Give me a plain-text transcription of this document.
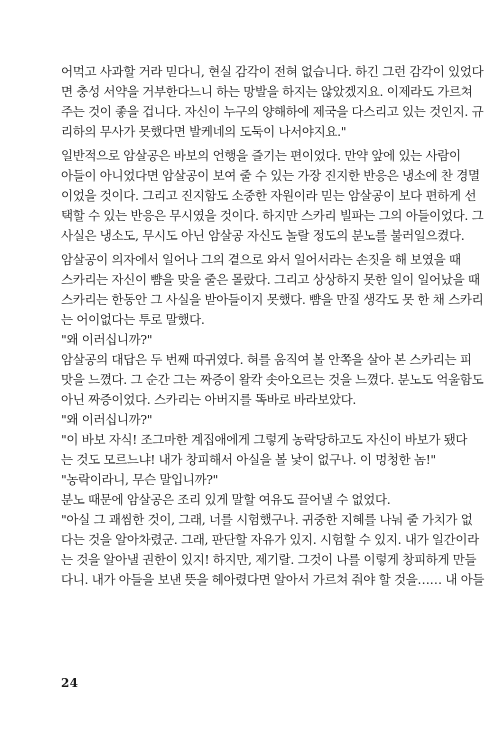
어먹고 사과할 거라 믿다니, 현실 감각이 전혀 없습니다. 하긴 그런 감각이 있었다
면 충성 서약을 거부한다느니 하는 망발을 하지는 않았겠지요. 이제라도 가르쳐
주는 것이 좋을 겁니다. 자신이 누구의 양해하에 제국을 다스리고 있는 것인지. 규
리하의 무사가 못했다면 발케네의 도둑이 나서야지요."
일반적으로 암살공은 바보의 언행을 즐기는 편이었다. 만약 앞에 있는 사람이
아들이 아니었다면 암살공이 보여 줄 수 있는 가장 진지한 반응은 냉소에 찬 경멸
이었을 것이다. 그리고 진지함도 소중한 자원이라 믿는 암살공이 보다 편하게 선
택할 수 있는 반응은 무시였을 것이다. 하지만 스카리 빌파는 그의 아들이었다. 그
사실은 냉소도, 무시도 아닌 암살공 자신도 놀랄 정도의 분노를 불러일으켰다.
암살공이 의자에서 일어나 그의 곁으로 와서 일어서라는 손짓을 해 보였을 때
스카리는 자신이 뺨을 맞을 줄은 몰랐다. 그리고 상상하지 못한 일이 일어났을 때
스카리는 한동안 그 사실을 받아들이지 못했다. 뺨을 만질 생각도 못 한 채 스카리
는 어이없다는 투로 말했다.
"왜 이러십니까?"
암살공의 대답은 두 번째 따귀였다. 혀를 움직여 볼 안쪽을 살아 본 스카리는 피
맛을 느꼈다. 그 순간 그는 짜증이 왈칵 솟아오르는 것을 느꼈다. 분노도 억울함도
아닌 짜증이었다. 스카리는 아버지를 똑바로 바라보았다.
"왜 이러십니까?"
"이 바보 자식! 조그마한 계집애에게 그렇게 농락당하고도 자신이 바보가 됐다
는 것도 모르느냐! 내가 창피해서 아실을 볼 낯이 없구나. 이 멍청한 놈!"
"농락이라니, 무슨 말입니까?"
분노 때문에 암살공은 조리 있게 말할 여유도 끌어낼 수 없었다.
"아실 그 괘씸한 것이, 그래, 너를 시험했구나. 귀중한 지혜를 나눠 줄 가치가 없
다는 것을 알아차렸군. 그래, 판단할 자유가 있지. 시험할 수 있지. 내가 일간이라
는 것을 알아낼 권한이 있지! 하지만, 제기랄. 그것이 나를 이렇게 창피하게 만들
다니. 내가 아들을 보낸 뜻을 헤아렸다면 알아서 가르쳐 줘야 할 것을…… 내 아들
24
